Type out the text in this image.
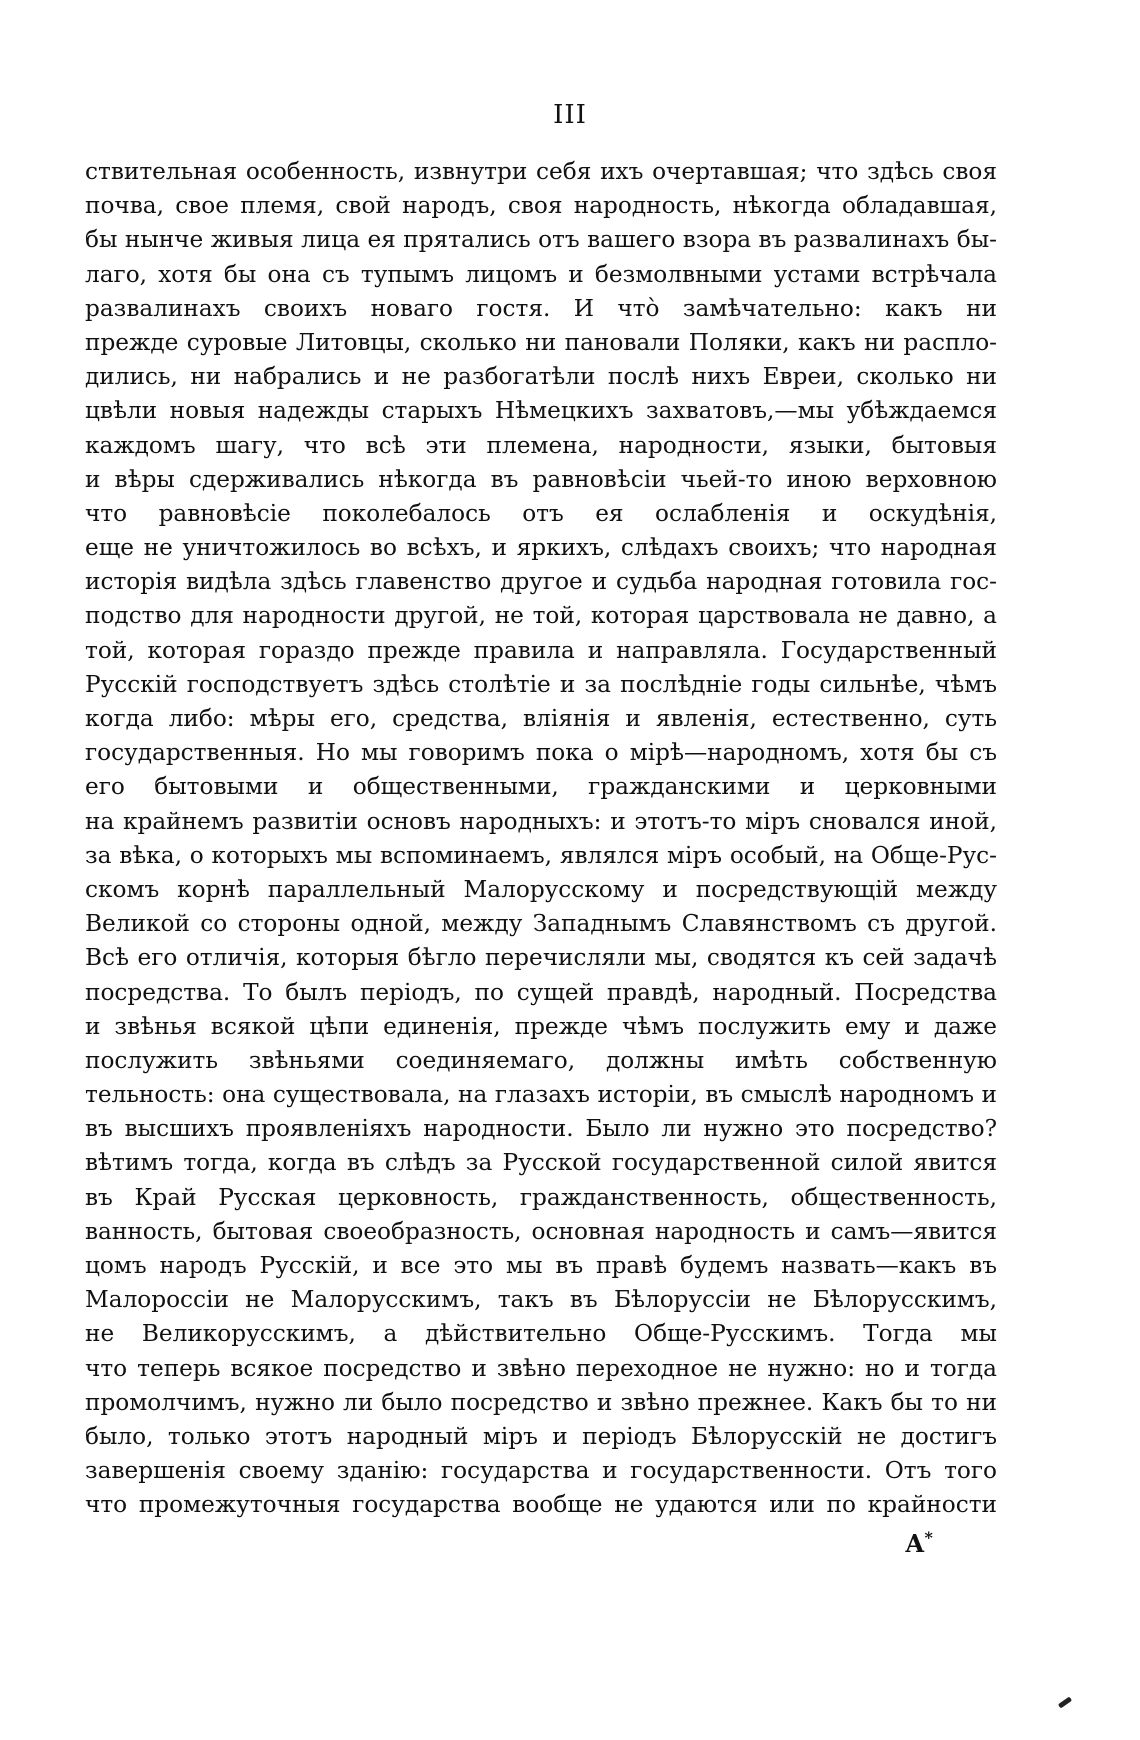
III
ствительная особенность, извнутри себя ихъ очертавшая; что здѣсь своя
почва, свое племя, свой народъ, своя народность, нѣкогда обладавшая,
бы нынче живыя лица ея прятались отъ вашего взора въ развалинахъ бы-
лаго, хотя бы она съ тупымъ лицомъ и безмолвными устами встрѣчала
развалинахъ своихъ новаго гостя. И что̀ замѣчательно: какъ ни
прежде суровые Литовцы, сколько ни пановали Поляки, какъ ни распло-
дились, ни набрались и не разбогатѣли послѣ нихъ Евреи, сколько ни
цвѣли новыя надежды старыхъ Нѣмецкихъ захватовъ,—мы убѣждаемся
каждомъ шагу, что всѣ эти племена, народности, языки, бытовыя
и вѣры сдерживались нѣкогда въ равновѣсіи чьей-то иною верховною
что равновѣсіе поколебалось отъ ея ослабленія и оскудѣнія,
еще не уничтожилось во всѣхъ, и яркихъ, слѣдахъ своихъ; что народная
исторія видѣла здѣсь главенство другое и судьба народная готовила гос-
подство для народности другой, не той, которая царствовала не давно, а
той, которая гораздо прежде правила и направляла. Государственный
Русскій господствуетъ здѣсь столѣтіе и за послѣдніе годы сильнѣе, чѣмъ
когда либо: мѣры его, средства, вліянія и явленія, естественно, суть
государственныя. Но мы говоримъ пока о мірѣ—народномъ, хотя бы съ
его бытовыми и общественными, гражданскими и церковными
на крайнемъ развитіи основъ народныхъ: и этотъ-то міръ сновался иной,
за вѣка, о которыхъ мы вспоминаемъ, являлся міръ особый, на Обще-Рус-
скомъ корнѣ параллельный Малорусскому и посредствующій между
Великой со стороны одной, между Западнымъ Славянствомъ съ другой.
Всѣ его отличія, которыя бѣгло перечисляли мы, сводятся къ сей задачѣ
посредства. То былъ періодъ, по сущей правдѣ, народный. Посредства
и звѣнья всякой цѣпи единенія, прежде чѣмъ послужить ему и даже
послужить звѣньями соединяемаго, должны имѣть собственную
тельность: она существовала, на глазахъ исторіи, въ смыслѣ народномъ и
въ высшихъ проявленіяхъ народности. Было ли нужно это посредство?
вѣтимъ тогда, когда въ слѣдъ за Русской государственной силой явится
въ Край Русская церковность, гражданственность, общественность,
ванность, бытовая своеобразность, основная народность и самъ—явится
цомъ народъ Русскій, и все это мы въ правѣ будемъ назвать—какъ въ
Малороссіи не Малорусскимъ, такъ въ Бѣлоруссіи не Бѣлорусскимъ,
не Великорусскимъ, а дѣйствительно Обще-Русскимъ. Тогда мы
что теперь всякое посредство и звѣно переходное не нужно: но и тогда
промолчимъ, нужно ли было посредство и звѣно прежнее. Какъ бы то ни
было, только этотъ народный міръ и періодъ Бѣлорусскій не достигъ
завершенія своему зданію: государства и государственности. Отъ того
что промежуточныя государства вообще не удаются или по крайности
А*
